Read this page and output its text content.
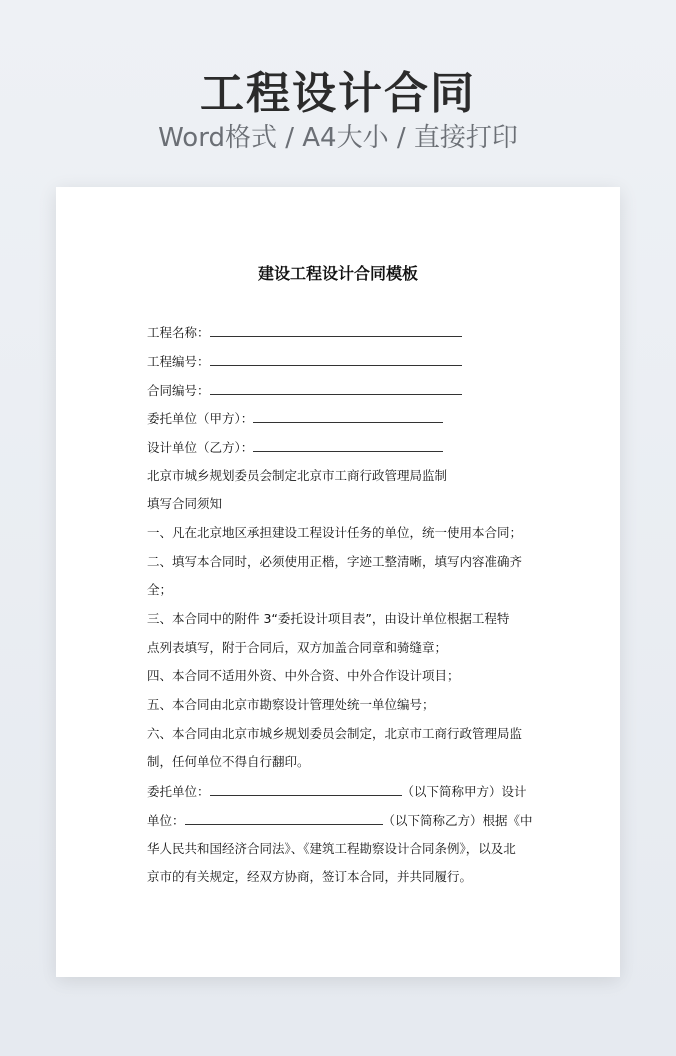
工程设计合同
Word格式 / A4大小 / 直接打印
建设工程设计合同模板
工程名称：
工程编号：
合同编号：
委托单位（甲方）：
设计单位（乙方）：
北京市城乡规划委员会制定北京市工商行政管理局监制
填写合同须知
一、凡在北京地区承担建设工程设计任务的单位，统一使用本合同；
二、填写本合同时，必须使用正楷，字迹工整清晰，填写内容准确齐
全；
三、本合同中的附件 3“委托设计项目表”，由设计单位根据工程特
点列表填写，附于合同后，双方加盖合同章和骑缝章；
四、本合同不适用外资、中外合资、中外合作设计项目；
五、本合同由北京市勘察设计管理处统一单位编号；
六、本合同由北京市城乡规划委员会制定，北京市工商行政管理局监
制，任何单位不得自行翻印。
委托单位：	（以下简称甲方）设计
单位：	（以下简称乙方）根据《中
华人民共和国经济合同法》、《建筑工程勘察设计合同条例》，以及北
京市的有关规定，经双方协商，签订本合同，并共同履行。
